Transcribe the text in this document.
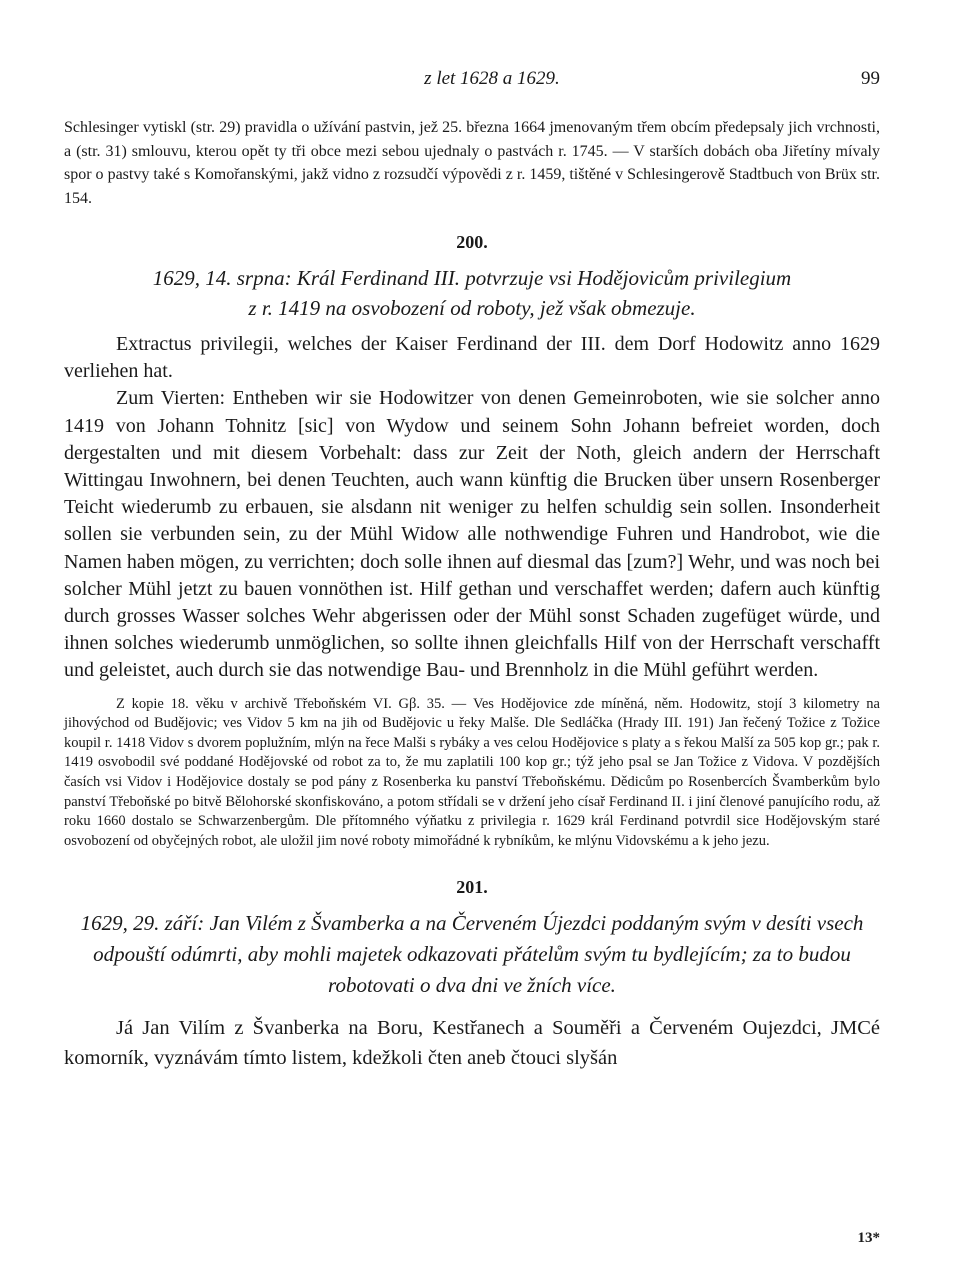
z let 1628 a 1629.	99

Schlesinger vytiskl (str. 29) pravidla o užívání pastvin, jež 25. března 1664 jmenovaným třem obcím předepsaly jich vrchnosti, a (str. 31) smlouvu, kterou opět ty tři obce mezi sebou ujednaly o pastvách r. 1745. — V starších dobách oba Jiřetíny mívaly spor o pastvy také s Komořanskými, jakž vidno z rozsudčí výpovědi z r. 1459, tištěné v Schlesingerově Stadtbuch von Brüx str. 154.

200.
1629, 14. srpna: Král Ferdinand III. potvrzuje vsi Hodějovicům privilegium
z r. 1419 na osvobození od roboty, jež však obmezuje.

Extractus privilegii, welches der Kaiser Ferdinand der III. dem Dorf Hodowitz anno 1629 verliehen hat.

Zum Vierten: Entheben wir sie Hodowitzer von denen Gemeinroboten, wie sie solcher anno 1419 von Johann Tohnitz [sic] von Wydow und seinem Sohn Johann befreiet worden, doch dergestalten und mit diesem Vorbehalt: dass zur Zeit der Noth, gleich andern der Herrschaft Wittingau Inwohnern, bei denen Teuchten, auch wann künftig die Brucken über unsern Rosenberger Teicht wiederumb zu erbauen, sie alsdann nit weniger zu helfen schuldig sein sollen. Insonderheit sollen sie verbunden sein, zu der Mühl Widow alle nothwendige Fuhren und Handrobot, wie die Namen haben mögen, zu verrichten; doch solle ihnen auf diesmal das [zum?] Wehr, und was noch bei solcher Mühl jetzt zu bauen vonnöthen ist. Hilf gethan und verschaffet werden; dafern auch künftig durch grosses Wasser solches Wehr abgerissen oder der Mühl sonst Schaden zugefüget würde, und ihnen solches wiederumb unmöglichen, so sollte ihnen gleichfalls Hilf von der Herrschaft verschafft und geleistet, auch durch sie das notwendige Bau- und Brennholz in die Mühl geführt werden.

Z kopie 18. věku v archivě Třeboňském VI. Gβ. 35. — Ves Hodějovice zde míněná, něm. Hodowitz, stojí 3 kilometry na jihovýchod od Budějovic; ves Vidov 5 km na jih od Budějovic u řeky Malše. Dle Sedláčka (Hrady III. 191) Jan řečený Tožice z Tožice koupil r. 1418 Vidov s dvorem poplužním, mlýn na řece Malši s rybáky a ves celou Hodějovice s platy a s řekou Malší za 505 kop gr.; pak r. 1419 osvobodil své poddané Hodějovské od robot za to, že mu zaplatili 100 kop gr.; týž jeho psal se Jan Tožice z Vidova. V pozdějších časích vsi Vidov i Hodějovice dostaly se pod pány z Rosenberka ku panství Třeboňskému. Dědicům po Rosenbercích Švamberkům bylo panství Třeboňské po bitvě Bělohorské skonfiskováno, a potom střídali se v držení jeho císař Ferdinand II. i jiní členové panujícího rodu, až roku 1660 dostalo se Schwarzenbergům. Dle přítomného výňatku z privilegia r. 1629 král Ferdinand potvrdil sice Hodějovským staré osvobození od obyčejných robot, ale uložil jim nové roboty mimořádné k rybníkům, ke mlýnu Vidovskému a k jeho jezu.

201.
1629, 29. září: Jan Vilém z Švamberka a na Červeném Újezdci poddaným svým v desíti vsech odpouští odúmrti, aby mohli majetek odkazovati přátelům svým tu bydlejícím; za to budou robotovati o dva dni ve žních více.

Já Jan Vilím z Švanberka na Boru, Kestřanech a Souměři a Červeném Oujezdci, JMCé komorník, vyznávám tímto listem, kdežkoli čten aneb čtouci slyšán

13*
